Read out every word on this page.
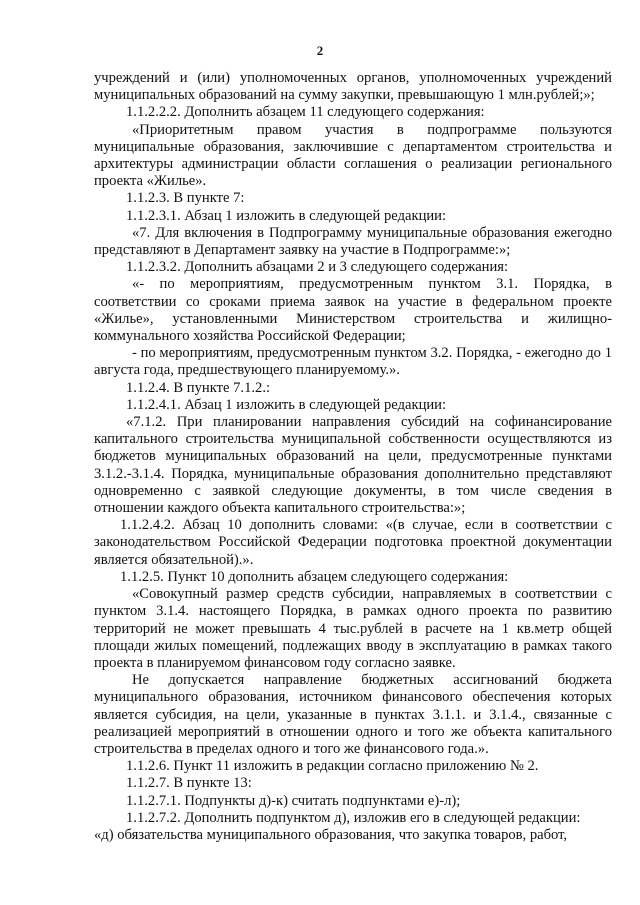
2

учреждений и (или) уполномоченных органов, уполномоченных учреждений муниципальных образований на сумму закупки, превышающую 1 млн.рублей;»;

1.1.2.2.2. Дополнить абзацем 11 следующего содержания:

«Приоритетным правом участия в подпрограмме пользуются муниципальные образования, заключившие с департаментом строительства и архитектуры администрации области соглашения о реализации регионального проекта «Жилье».

1.1.2.3. В пункте 7:

1.1.2.3.1. Абзац 1 изложить в следующей редакции:

«7. Для включения в Подпрограмму муниципальные образования ежегодно представляют в Департамент заявку на участие в Подпрограмме:»;

1.1.2.3.2. Дополнить абзацами 2 и 3 следующего содержания:

«- по мероприятиям, предусмотренным пунктом 3.1. Порядка, в соответствии со сроками приема заявок на участие в федеральном проекте «Жилье», установленными Министерством строительства и жилищно-коммунального хозяйства Российской Федерации;

- по мероприятиям, предусмотренным пунктом 3.2. Порядка, - ежегодно до 1 августа года, предшествующего планируемому.».

1.1.2.4. В пункте 7.1.2.:

1.1.2.4.1. Абзац 1 изложить в следующей редакции:

«7.1.2. При планировании направления субсидий на софинансирование капитального строительства муниципальной собственности осуществляются из бюджетов муниципальных образований на цели, предусмотренные пунктами 3.1.2.-3.1.4. Порядка, муниципальные образования дополнительно представляют одновременно с заявкой следующие документы, в том числе сведения в отношении каждого объекта капитального строительства:»;

1.1.2.4.2. Абзац 10 дополнить словами: «(в случае, если в соответствии с законодательством Российской Федерации подготовка проектной документации является обязательной).».

1.1.2.5. Пункт 10 дополнить абзацем следующего содержания:

«Совокупный размер средств субсидии, направляемых в соответствии с пунктом 3.1.4. настоящего Порядка, в рамках одного проекта по развитию территорий не может превышать 4 тыс.рублей в расчете на 1 кв.метр общей площади жилых помещений, подлежащих вводу в эксплуатацию в рамках такого проекта в планируемом финансовом году согласно заявке.

Не допускается направление бюджетных ассигнований бюджета муниципального образования, источником финансового обеспечения которых является субсидия, на цели, указанные в пунктах 3.1.1. и 3.1.4., связанные с реализацией мероприятий в отношении одного и того же объекта капитального строительства в пределах одного и того же финансового года.».

1.1.2.6. Пункт 11 изложить в редакции согласно приложению № 2.

1.1.2.7. В пункте 13:

1.1.2.7.1. Подпункты д)-к) считать подпунктами е)-л);

1.1.2.7.2. Дополнить подпунктом д), изложив его в следующей редакции:

«д) обязательства муниципального образования, что закупка товаров, работ,
